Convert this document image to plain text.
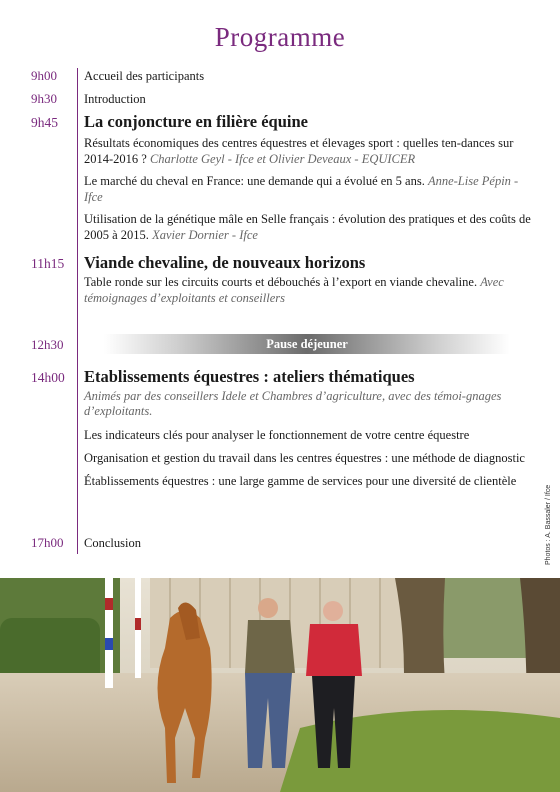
Programme
9h00	Accueil des participants

9h30	Introduction

9h45	La conjoncture en filière équine

Résultats économiques des centres équestres et élevages sport : quelles ten-dances sur 2014-2016 ? Charlotte Geyl - Ifce et Olivier Deveaux - EQUICER

Le marché du cheval en France: une demande qui a évolué en 5 ans. Anne-Lise Pépin - Ifce

Utilisation de la génétique mâle en Selle français : évolution des pratiques et des coûts de 2005 à 2015. Xavier Dornier - Ifce

11h15	Viande chevaline, de nouveaux horizons

Table ronde sur les circuits courts et débouchés à l’export en viande chevaline. Avec témoignages d’exploitants et conseillers

12h30	Pause déjeuner
14h00	Etablissements équestres : ateliers thématiques

Animés par des conseillers Idele et Chambres d’agriculture, avec des témoi-gnages d’exploitants.

Les indicateurs clés pour analyser le fonctionnement de votre centre équestre

Organisation et gestion du travail dans les centres équestres : une méthode de diagnostic

Établissements équestres : une large gamme de services pour une diversité de clientèle

17h00	Conclusion	Photos : A. Bassaler / Ifce
